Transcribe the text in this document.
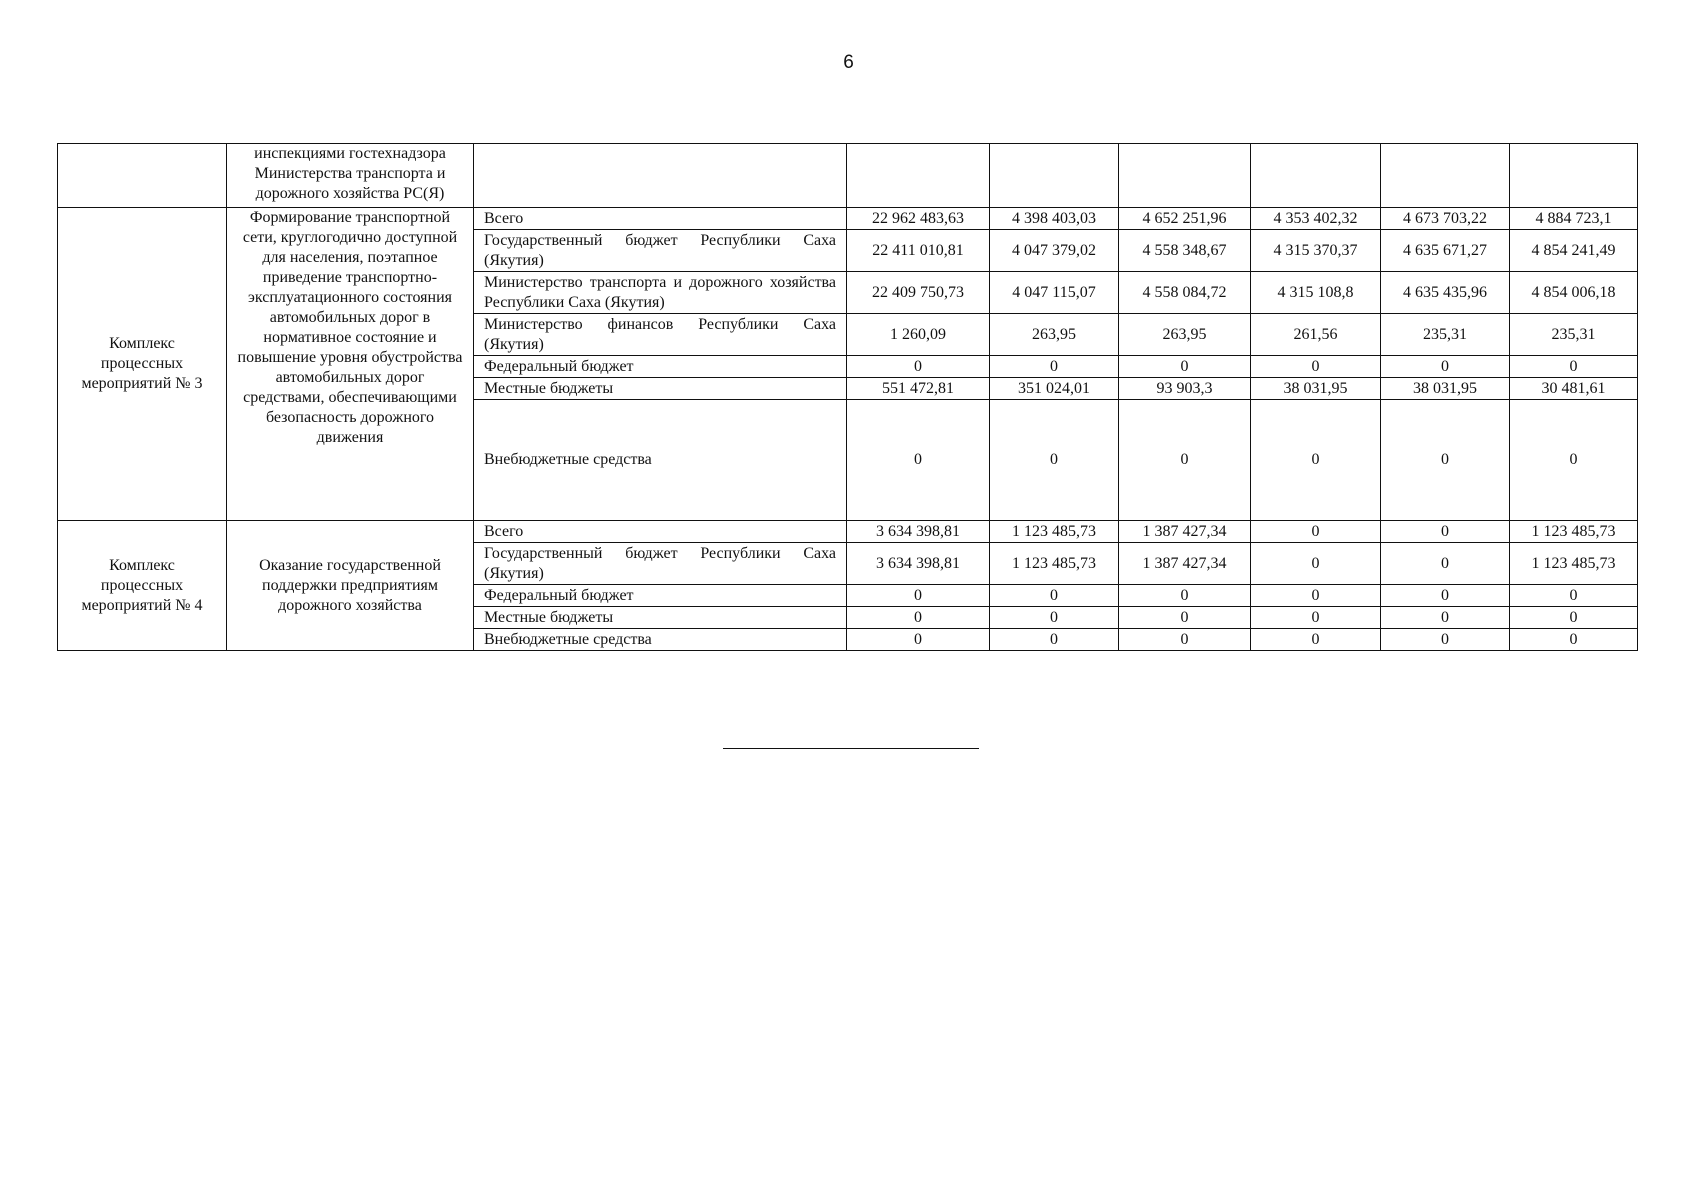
6
	инспекциями гостехнадзора Министерства транспорта и дорожного хозяйства РС(Я)							
Комплекс процессных мероприятий № 3	Формирование транспортной сети, круглогодично доступной для населения, поэтапное приведение транспортно-эксплуатационного состояния автомобильных дорог в нормативное состояние и повышение уровня обустройства автомобильных дорог средствами, обеспечивающими безопасность дорожного движения	Всего	22 962 483,63	4 398 403,03	4 652 251,96	4 353 402,32	4 673 703,22	4 884 723,1
		Государственный бюджет Республики Саха (Якутия)	22 411 010,81	4 047 379,02	4 558 348,67	4 315 370,37	4 635 671,27	4 854 241,49
		Министерство транспорта и дорожного хозяйства Республики Саха (Якутия)	22 409 750,73	4 047 115,07	4 558 084,72	4 315 108,8	4 635 435,96	4 854 006,18
		Министерство финансов Республики Саха (Якутия)	1 260,09	263,95	263,95	261,56	235,31	235,31
		Федеральный бюджет	0	0	0	0	0	0
		Местные бюджеты	551 472,81	351 024,01	93 903,3	38 031,95	38 031,95	30 481,61
		Внебюджетные средства	0	0	0	0	0	0
Комплекс процессных мероприятий № 4	Оказание государственной поддержки предприятиям дорожного хозяйства	Всего	3 634 398,81	1 123 485,73	1 387 427,34	0	0	1 123 485,73
		Государственный бюджет Республики Саха (Якутия)	3 634 398,81	1 123 485,73	1 387 427,34	0	0	1 123 485,73
		Федеральный бюджет	0	0	0	0	0	0
		Местные бюджеты	0	0	0	0	0	0
		Внебюджетные средства	0	0	0	0	0	0
